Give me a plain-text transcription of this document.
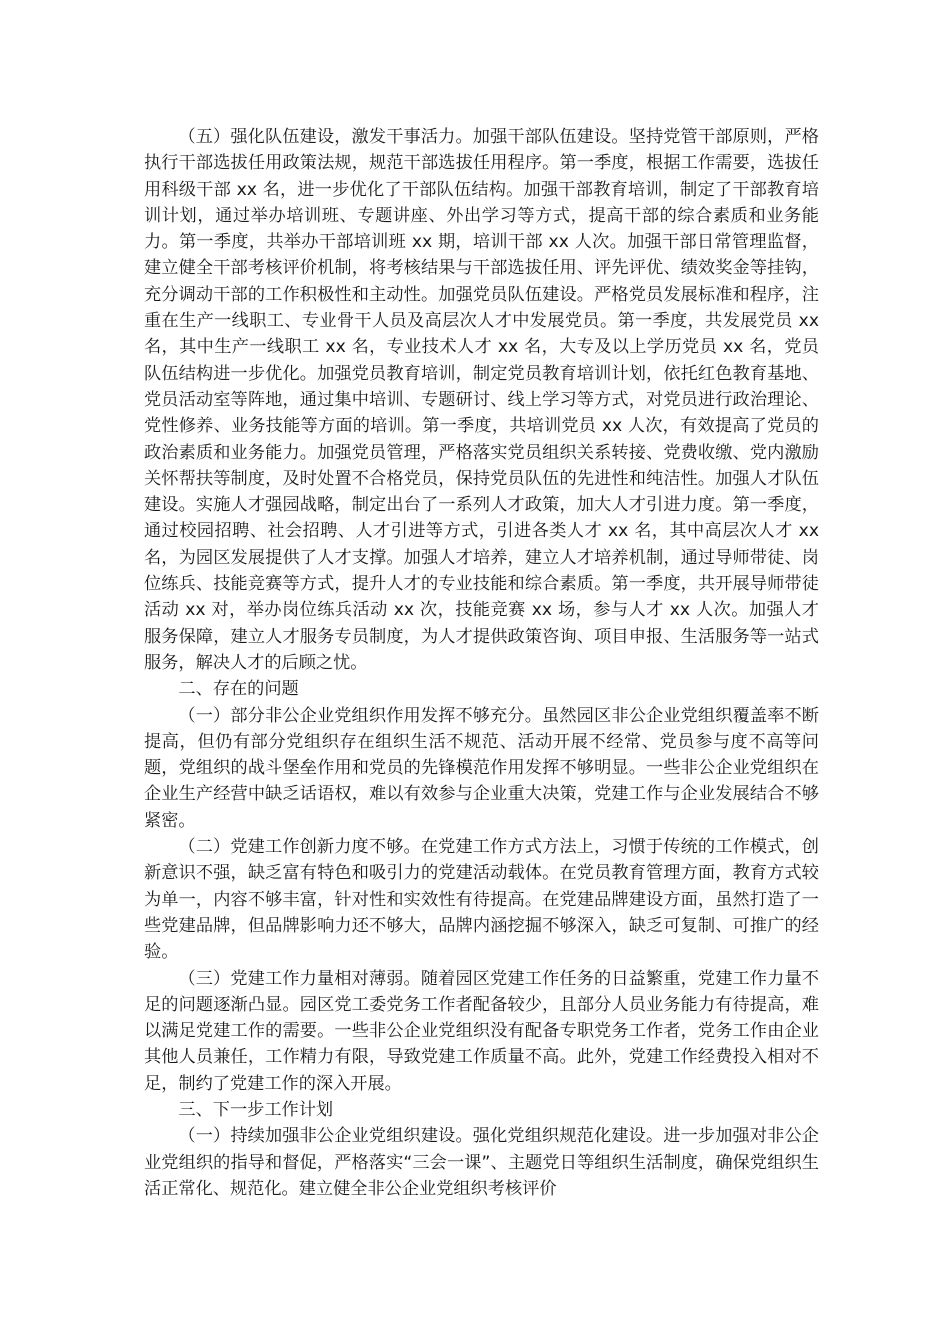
（五）强化队伍建设，激发干事活力。加强干部队伍建设。坚持党管干部原则，严格执行干部选拔任用政策法规，规范干部选拔任用程序。第一季度，根据工作需要，选拔任用科级干部 xx 名，进一步优化了干部队伍结构。加强干部教育培训，制定了干部教育培训计划，通过举办培训班、专题讲座、外出学习等方式，提高干部的综合素质和业务能力。第一季度，共举办干部培训班 xx 期，培训干部 xx 人次。加强干部日常管理监督，建立健全干部考核评价机制，将考核结果与干部选拔任用、评先评优、绩效奖金等挂钩，充分调动干部的工作积极性和主动性。加强党员队伍建设。严格党员发展标准和程序，注重在生产一线职工、专业骨干人员及高层次人才中发展党员。第一季度，共发展党员 xx 名，其中生产一线职工 xx 名，专业技术人才 xx 名，大专及以上学历党员 xx 名，党员队伍结构进一步优化。加强党员教育培训，制定党员教育培训计划，依托红色教育基地、党员活动室等阵地，通过集中培训、专题研讨、线上学习等方式，对党员进行政治理论、党性修养、业务技能等方面的培训。第一季度，共培训党员 xx 人次，有效提高了党员的政治素质和业务能力。加强党员管理，严格落实党员组织关系转接、党费收缴、党内激励关怀帮扶等制度，及时处置不合格党员，保持党员队伍的先进性和纯洁性。加强人才队伍建设。实施人才强园战略，制定出台了一系列人才政策，加大人才引进力度。第一季度，通过校园招聘、社会招聘、人才引进等方式，引进各类人才 xx 名，其中高层次人才 xx 名，为园区发展提供了人才支撑。加强人才培养，建立人才培养机制，通过导师带徒、岗位练兵、技能竞赛等方式，提升人才的专业技能和综合素质。第一季度，共开展导师带徒活动 xx 对，举办岗位练兵活动 xx 次，技能竞赛 xx 场，参与人才 xx 人次。加强人才服务保障，建立人才服务专员制度，为人才提供政策咨询、项目申报、生活服务等一站式服务，解决人才的后顾之忧。

二、存在的问题

（一）部分非公企业党组织作用发挥不够充分。虽然园区非公企业党组织覆盖率不断提高，但仍有部分党组织存在组织生活不规范、活动开展不经常、党员参与度不高等问题，党组织的战斗堡垒作用和党员的先锋模范作用发挥不够明显。一些非公企业党组织在企业生产经营中缺乏话语权，难以有效参与企业重大决策，党建工作与企业发展结合不够紧密。

（二）党建工作创新力度不够。在党建工作方式方法上，习惯于传统的工作模式，创新意识不强，缺乏富有特色和吸引力的党建活动载体。在党员教育管理方面，教育方式较为单一，内容不够丰富，针对性和实效性有待提高。在党建品牌建设方面，虽然打造了一些党建品牌，但品牌影响力还不够大，品牌内涵挖掘不够深入，缺乏可复制、可推广的经验。

（三）党建工作力量相对薄弱。随着园区党建工作任务的日益繁重，党建工作力量不足的问题逐渐凸显。园区党工委党务工作者配备较少，且部分人员业务能力有待提高，难以满足党建工作的需要。一些非公企业党组织没有配备专职党务工作者，党务工作由企业其他人员兼任，工作精力有限，导致党建工作质量不高。此外，党建工作经费投入相对不足，制约了党建工作的深入开展。

三、下一步工作计划

（一）持续加强非公企业党组织建设。强化党组织规范化建设。进一步加强对非公企业党组织的指导和督促，严格落实“三会一课”、主题党日等组织生活制度，确保党组织生活正常化、规范化。建立健全非公企业党组织考核评价
